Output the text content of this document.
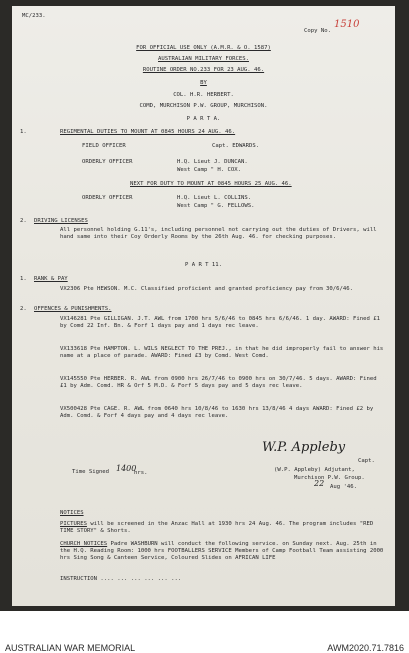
MC/233.
Copy No.
1510
FOR OFFICIAL USE ONLY (A.M.R. & O. 1587)
AUSTRALIAN MILITARY FORCES.
ROUTINE ORDER NO.233 FOR 23 AUG. 46.
BY
COL. H.R. HERBERT.
COMD, MURCHISON P.W. GROUP, MURCHISON.
P A R T A.
1.	REGIMENTAL DUTIES TO MOUNT AT 0845 HOURS 24 AUG. 46.
FIELD OFFICER	Capt. EDWARDS.
ORDERLY OFFICER	H.Q. Lieut J. DUNCAN.
West Camp " H. COX.
NEXT FOR DUTY TO MOUNT AT 0845 HOURS 25 AUG. 46.
ORDERLY OFFICER	H.Q. Lieut L. COLLINS.
West Camp " G. FELLOWS.
2. DRIVING LICENSES
All personnel holding G.11's, including personnel not carrying out the duties of Drivers, will hand same into their Coy Orderly Rooms by the 26th Aug. 46. for checking purposes.
P A R T 11.
1. RANK & PAY
VX2306 Pte HEWSON. M.C. Classified proficient and granted proficiency pay from 30/6/46.
2. OFFENCES & PUNISHMENTS.
VX146281 Pte GILLIGAN. J.T. AWL from 1700 hrs 5/6/46 to 0845 hrs 6/6/46. 1 day. AWARD: Fined £1 by Comd 22 Inf. Bn. & Forf 1 days pay and 1 days rec leave.
VX133618 Pte HAMPTON. L. WILS NEGLECT TO THE PREJ., in that he did improperly fail to answer his name at a place of parade. AWARD: Fined £3 by Comd. West Comd.
VX145550 Pte HERBER. R. AWL from 0900 hrs 26/7/46 to 0900 hrs on 30/7/46. 5 days. AWARD: Fined £1 by Adm. Comd. HR & Orf 5 M.D. & Forf 5 days pay and 5 days rec leave.
VX500428 Pte CAGE. R. AWL from 0640 hrs 10/8/46 to 1630 hrs 13/8/46 4 days AWARD: Fined £2 by Adm. Comd. & Forf 4 days pay and 4 days rec leave.
W.P. Appleby
Capt.
Time Signed 1400
hrs.	(W.P. Appleby) Adjutant,
Murchison P.W. Group.
22 Aug '46.
NOTICES
PICTURES will be screened in the Anzac Hall at 1930 hrs 24 Aug. 46. The program includes "RED TIME STORY" & Shorts.
CHURCH NOTICES Padre WASHBURN will conduct the following service. on Sunday next. Aug. 25th in the H.Q. Reading Room: 1000 hrs FOOTBALLERS SERVICE Members of Camp Football Team assisting 2000 hrs Sing Song & Canteen Service, Coloured Slides on AFRICAN LIFE
INSTRUCTION .... ... ... ... ... ...
AUSTRALIAN WAR MEMORIAL	AWM2020.71.7816
